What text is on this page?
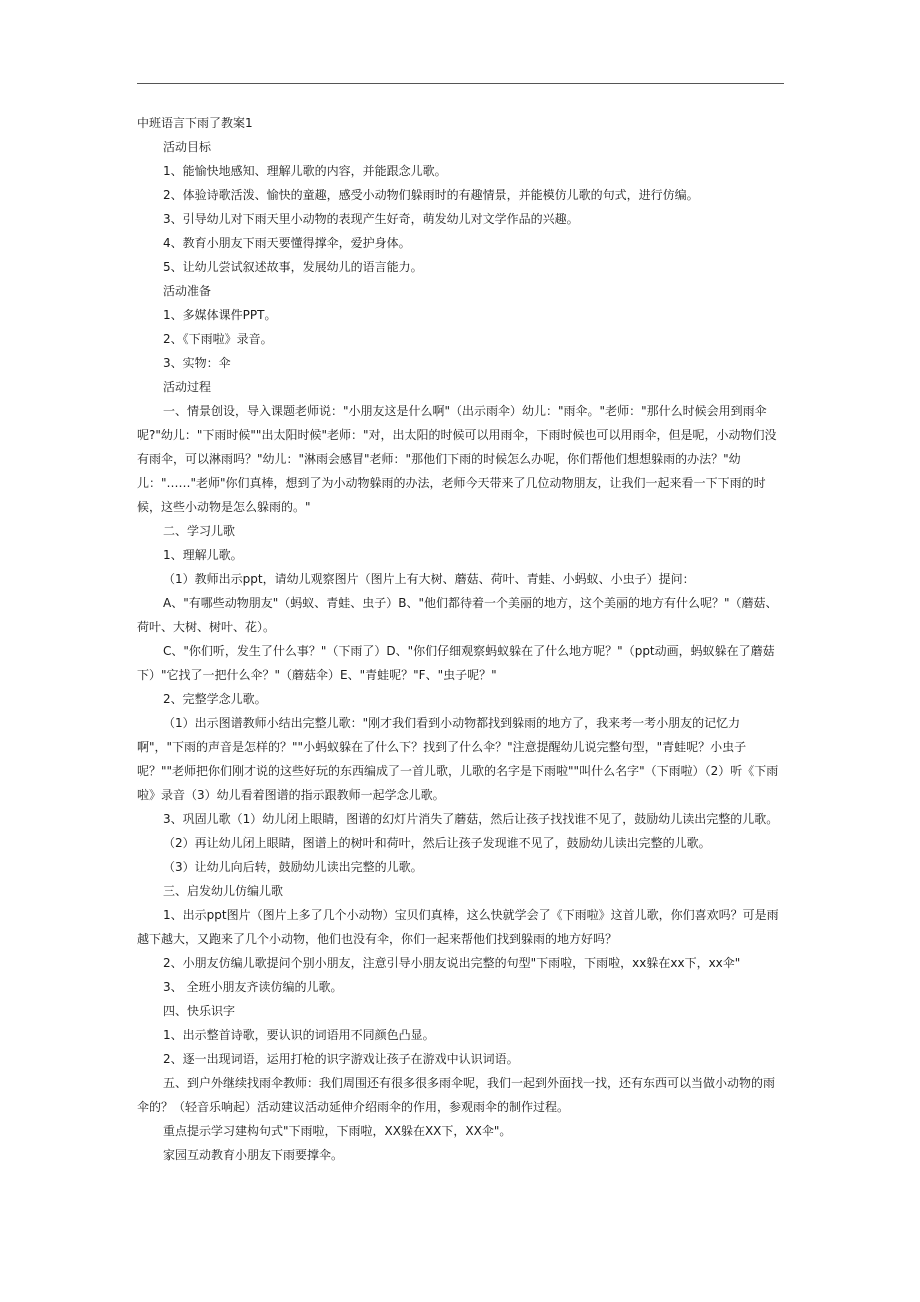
中班语言下雨了教案1

活动目标

1、能愉快地感知、理解儿歌的内容，并能跟念儿歌。

2、体验诗歌活泼、愉快的童趣，感受小动物们躲雨时的有趣情景，并能模仿儿歌的句式，进行仿编。

3、引导幼儿对下雨天里小动物的表现产生好奇，萌发幼儿对文学作品的兴趣。

4、教育小朋友下雨天要懂得撑伞，爱护身体。

5、让幼儿尝试叙述故事，发展幼儿的语言能力。

活动准备

1、多媒体课件PPT。

2、《下雨啦》录音。

3、实物：伞

活动过程

一、情景创设，导入课题老师说："小朋友这是什么啊"（出示雨伞）幼儿："雨伞。"老师："那什么时候会用到雨伞呢?"幼儿："下雨时候""出太阳时候"老师："对，出太阳的时候可以用雨伞，下雨时候也可以用雨伞，但是呢，小动物们没有雨伞，可以淋雨吗？"幼儿："淋雨会感冒"老师："那他们下雨的时候怎么办呢，你们帮他们想想躲雨的办法？"幼儿："……"老师"你们真棒，想到了为小动物躲雨的办法，老师今天带来了几位动物朋友，让我们一起来看一下下雨的时候，这些小动物是怎么躲雨的。"

二、学习儿歌

1、理解儿歌。

（1）教师出示ppt，请幼儿观察图片（图片上有大树、蘑菇、荷叶、青蛙、小蚂蚁、小虫子）提问：

A、"有哪些动物朋友"（蚂蚁、青蛙、虫子）B、"他们都待着一个美丽的地方，这个美丽的地方有什么呢？"（蘑菇、荷叶、大树、树叶、花）。

C、"你们听，发生了什么事？"（下雨了）D、"你们仔细观察蚂蚁躲在了什么地方呢？"（ppt动画，蚂蚁躲在了蘑菇下）"它找了一把什么伞？"（蘑菇伞）E、"青蛙呢？"F、"虫子呢？"

2、完整学念儿歌。

（1）出示图谱教师小结出完整儿歌："刚才我们看到小动物都找到躲雨的地方了，我来考一考小朋友的记忆力啊"，"下雨的声音是怎样的？""小蚂蚁躲在了什么下？找到了什么伞？"注意提醒幼儿说完整句型，"青蛙呢？小虫子呢？""老师把你们刚才说的这些好玩的东西编成了一首儿歌，儿歌的名字是下雨啦""叫什么名字"（下雨啦）（2）听《下雨啦》录音（3）幼儿看着图谱的指示跟教师一起学念儿歌。

3、巩固儿歌（1）幼儿闭上眼睛，图谱的幻灯片消失了蘑菇，然后让孩子找找谁不见了，鼓励幼儿读出完整的儿歌。

（2）再让幼儿闭上眼睛，图谱上的树叶和荷叶，然后让孩子发现谁不见了，鼓励幼儿读出完整的儿歌。

（3）让幼儿向后转，鼓励幼儿读出完整的儿歌。

三、启发幼儿仿编儿歌

1、出示ppt图片（图片上多了几个小动物）宝贝们真棒，这么快就学会了《下雨啦》这首儿歌，你们喜欢吗？可是雨越下越大，又跑来了几个小动物，他们也没有伞，你们一起来帮他们找到躲雨的地方好吗？

2、小朋友仿编儿歌提问个别小朋友，注意引导小朋友说出完整的句型"下雨啦，下雨啦，xx躲在xx下，xx伞"

3、 全班小朋友齐读仿编的儿歌。

四、快乐识字

1、出示整首诗歌，要认识的词语用不同颜色凸显。

2、逐一出现词语，运用打枪的识字游戏让孩子在游戏中认识词语。

五、到户外继续找雨伞教师：我们周围还有很多很多雨伞呢，我们一起到外面找一找，还有东西可以当做小动物的雨伞的？（轻音乐响起）活动建议活动延伸介绍雨伞的作用，参观雨伞的制作过程。

重点提示学习建构句式"下雨啦，下雨啦，XX躲在XX下，XX伞"。

家园互动教育小朋友下雨要撑伞。
